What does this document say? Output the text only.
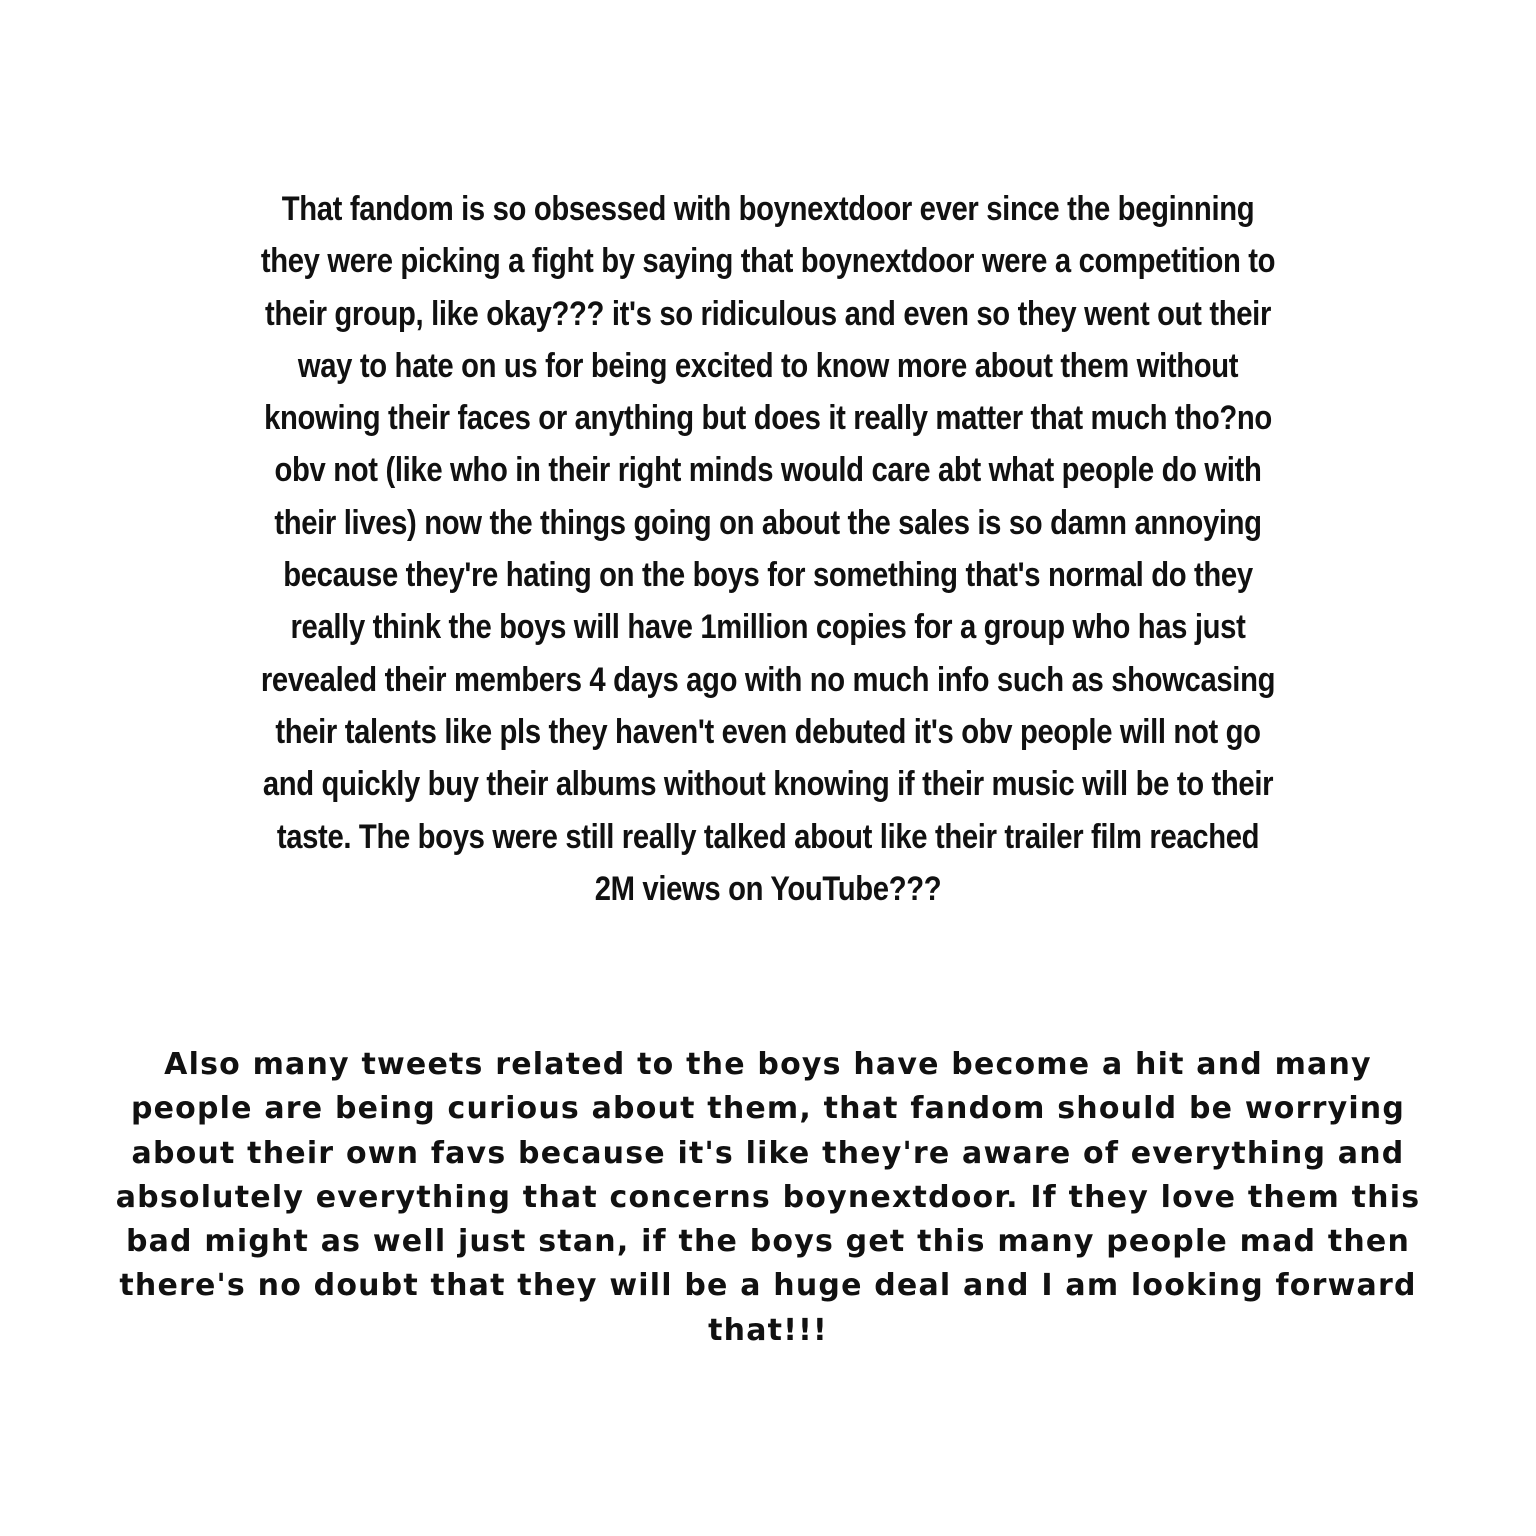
That fandom is so obsessed with boynextdoor ever since the beginning
they were picking a fight by saying that boynextdoor were a competition to
their group, like okay??? it's so ridiculous and even so they went out their
way to hate on us for being excited to know more about them without
knowing their faces or anything but does it really matter that much tho?no
obv not (like who in their right minds would care abt what people do with
their lives) now the things going on about the sales is so damn annoying
because they're hating on the boys for something that's normal do they
really think the boys will have 1million copies for a group who has just
revealed their members 4 days ago with no much info such as showcasing
their talents like pls they haven't even debuted it's obv people will not go
and quickly buy their albums without knowing if their music will be to their
taste. The boys were still really talked about like their trailer film reached
2M views on YouTube???

Also many tweets related to the boys have become a hit and many
people are being curious about them, that fandom should be worrying
about their own favs because it's like they're aware of everything and
absolutely everything that concerns boynextdoor. If they love them this
bad might as well just stan, if the boys get this many people mad then
there's no doubt that they will be a huge deal and I am looking forward
that!!!
